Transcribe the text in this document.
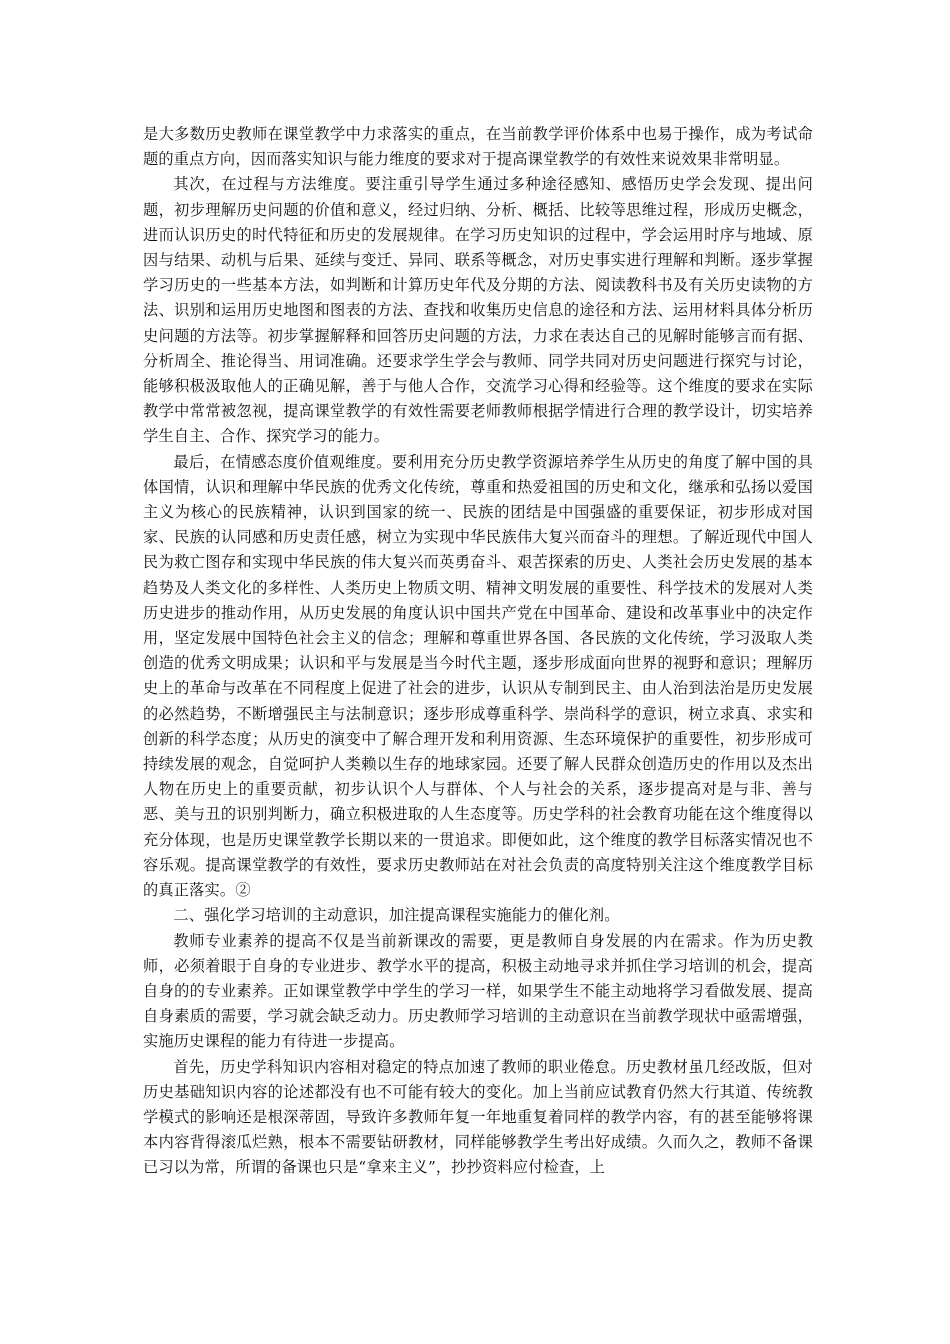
是大多数历史教师在课堂教学中力求落实的重点，在当前教学评价体系中也易于操作，成为考试命题的重点方向，因而落实知识与能力维度的要求对于提高课堂教学的有效性来说效果非常明显。

其次，在过程与方法维度。要注重引导学生通过多种途径感知、感悟历史学会发现、提出问题，初步理解历史问题的价值和意义，经过归纳、分析、概括、比较等思维过程，形成历史概念，进而认识历史的时代特征和历史的发展规律。在学习历史知识的过程中，学会运用时序与地域、原因与结果、动机与后果、延续与变迁、异同、联系等概念，对历史事实进行理解和判断。逐步掌握学习历史的一些基本方法，如判断和计算历史年代及分期的方法、阅读教科书及有关历史读物的方法、识别和运用历史地图和图表的方法、查找和收集历史信息的途径和方法、运用材料具体分析历史问题的方法等。初步掌握解释和回答历史问题的方法，力求在表达自己的见解时能够言而有据、分析周全、推论得当、用词准确。还要求学生学会与教师、同学共同对历史问题进行探究与讨论，能够积极汲取他人的正确见解，善于与他人合作，交流学习心得和经验等。这个维度的要求在实际教学中常常被忽视，提高课堂教学的有效性需要老师教师根据学情进行合理的教学设计，切实培养学生自主、合作、探究学习的能力。

最后，在情感态度价值观维度。要利用充分历史教学资源培养学生从历史的角度了解中国的具体国情，认识和理解中华民族的优秀文化传统，尊重和热爱祖国的历史和文化，继承和弘扬以爱国主义为核心的民族精神，认识到国家的统一、民族的团结是中国强盛的重要保证，初步形成对国家、民族的认同感和历史责任感，树立为实现中华民族伟大复兴而奋斗的理想。了解近现代中国人民为救亡图存和实现中华民族的伟大复兴而英勇奋斗、艰苦探索的历史、人类社会历史发展的基本趋势及人类文化的多样性、人类历史上物质文明、精神文明发展的重要性、科学技术的发展对人类历史进步的推动作用，从历史发展的角度认识中国共产党在中国革命、建设和改革事业中的决定作用，坚定发展中国特色社会主义的信念；理解和尊重世界各国、各民族的文化传统，学习汲取人类创造的优秀文明成果；认识和平与发展是当今时代主题，逐步形成面向世界的视野和意识；理解历史上的革命与改革在不同程度上促进了社会的进步，认识从专制到民主、由人治到法治是历史发展的必然趋势，不断增强民主与法制意识；逐步形成尊重科学、崇尚科学的意识，树立求真、求实和创新的科学态度；从历史的演变中了解合理开发和利用资源、生态环境保护的重要性，初步形成可持续发展的观念，自觉呵护人类赖以生存的地球家园。还要了解人民群众创造历史的作用以及杰出人物在历史上的重要贡献，初步认识个人与群体、个人与社会的关系，逐步提高对是与非、善与恶、美与丑的识别判断力，确立积极进取的人生态度等。历史学科的社会教育功能在这个维度得以充分体现，也是历史课堂教学长期以来的一贯追求。即便如此，这个维度的教学目标落实情况也不容乐观。提高课堂教学的有效性，要求历史教师站在对社会负责的高度特别关注这个维度教学目标的真正落实。②

二、强化学习培训的主动意识，加注提高课程实施能力的催化剂。

教师专业素养的提高不仅是当前新课改的需要，更是教师自身发展的内在需求。作为历史教师，必须着眼于自身的专业进步、教学水平的提高，积极主动地寻求并抓住学习培训的机会，提高自身的的专业素养。正如课堂教学中学生的学习一样，如果学生不能主动地将学习看做发展、提高自身素质的需要，学习就会缺乏动力。历史教师学习培训的主动意识在当前教学现状中亟需增强，实施历史课程的能力有待进一步提高。

首先，历史学科知识内容相对稳定的特点加速了教师的职业倦怠。历史教材虽几经改版，但对历史基础知识内容的论述都没有也不可能有较大的变化。加上当前应试教育仍然大行其道、传统教学模式的影响还是根深蒂固，导致许多教师年复一年地重复着同样的教学内容，有的甚至能够将课本内容背得滚瓜烂熟，根本不需要钻研教材，同样能够教学生考出好成绩。久而久之，教师不备课已习以为常，所谓的备课也只是“拿来主义”，抄抄资料应付检查，上
